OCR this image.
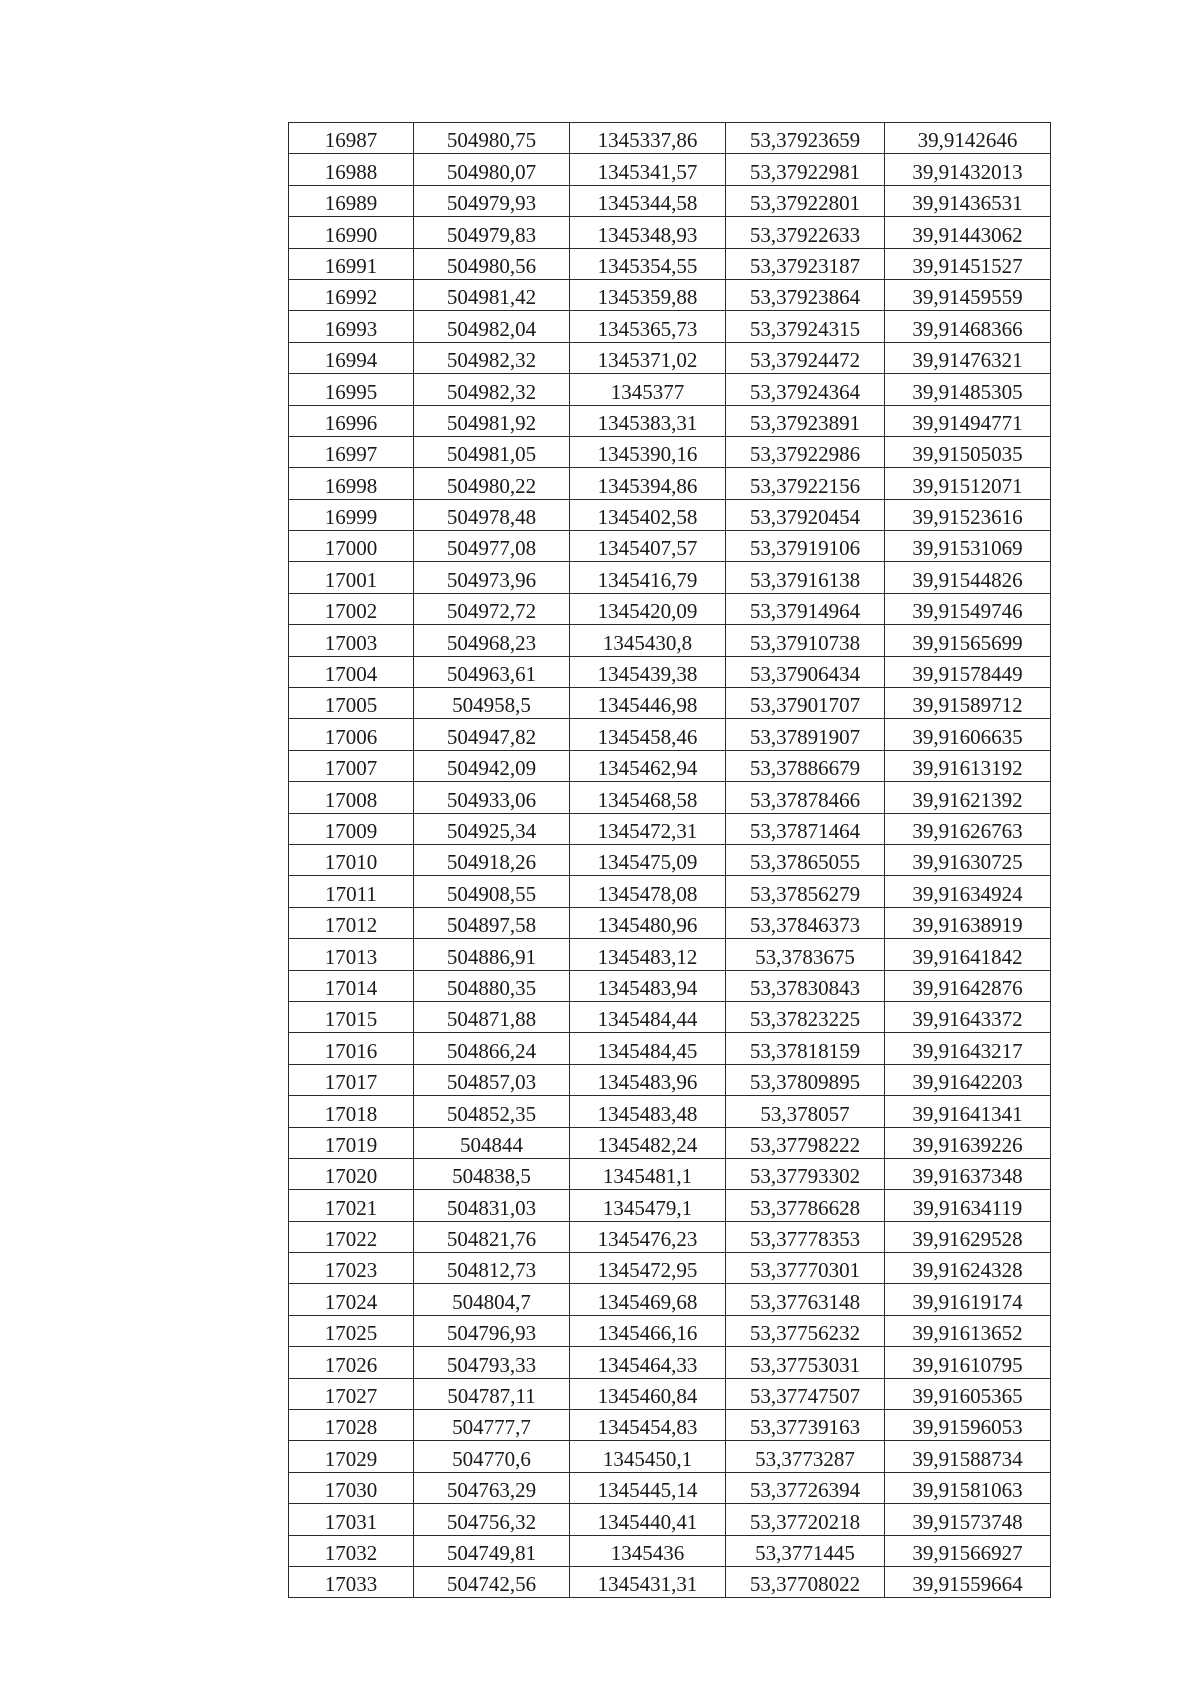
16987	504980,75	1345337,86	53,37923659	39,9142646
16988	504980,07	1345341,57	53,37922981	39,91432013
16989	504979,93	1345344,58	53,37922801	39,91436531
16990	504979,83	1345348,93	53,37922633	39,91443062
16991	504980,56	1345354,55	53,37923187	39,91451527
16992	504981,42	1345359,88	53,37923864	39,91459559
16993	504982,04	1345365,73	53,37924315	39,91468366
16994	504982,32	1345371,02	53,37924472	39,91476321
16995	504982,32	1345377	53,37924364	39,91485305
16996	504981,92	1345383,31	53,37923891	39,91494771
16997	504981,05	1345390,16	53,37922986	39,91505035
16998	504980,22	1345394,86	53,37922156	39,91512071
16999	504978,48	1345402,58	53,37920454	39,91523616
17000	504977,08	1345407,57	53,37919106	39,91531069
17001	504973,96	1345416,79	53,37916138	39,91544826
17002	504972,72	1345420,09	53,37914964	39,91549746
17003	504968,23	1345430,8	53,37910738	39,91565699
17004	504963,61	1345439,38	53,37906434	39,91578449
17005	504958,5	1345446,98	53,37901707	39,91589712
17006	504947,82	1345458,46	53,37891907	39,91606635
17007	504942,09	1345462,94	53,37886679	39,91613192
17008	504933,06	1345468,58	53,37878466	39,91621392
17009	504925,34	1345472,31	53,37871464	39,91626763
17010	504918,26	1345475,09	53,37865055	39,91630725
17011	504908,55	1345478,08	53,37856279	39,91634924
17012	504897,58	1345480,96	53,37846373	39,91638919
17013	504886,91	1345483,12	53,3783675	39,91641842
17014	504880,35	1345483,94	53,37830843	39,91642876
17015	504871,88	1345484,44	53,37823225	39,91643372
17016	504866,24	1345484,45	53,37818159	39,91643217
17017	504857,03	1345483,96	53,37809895	39,91642203
17018	504852,35	1345483,48	53,378057	39,91641341
17019	504844	1345482,24	53,37798222	39,91639226
17020	504838,5	1345481,1	53,37793302	39,91637348
17021	504831,03	1345479,1	53,37786628	39,91634119
17022	504821,76	1345476,23	53,37778353	39,91629528
17023	504812,73	1345472,95	53,37770301	39,91624328
17024	504804,7	1345469,68	53,37763148	39,91619174
17025	504796,93	1345466,16	53,37756232	39,91613652
17026	504793,33	1345464,33	53,37753031	39,91610795
17027	504787,11	1345460,84	53,37747507	39,91605365
17028	504777,7	1345454,83	53,37739163	39,91596053
17029	504770,6	1345450,1	53,3773287	39,91588734
17030	504763,29	1345445,14	53,37726394	39,91581063
17031	504756,32	1345440,41	53,37720218	39,91573748
17032	504749,81	1345436	53,3771445	39,91566927
17033	504742,56	1345431,31	53,37708022	39,91559664
